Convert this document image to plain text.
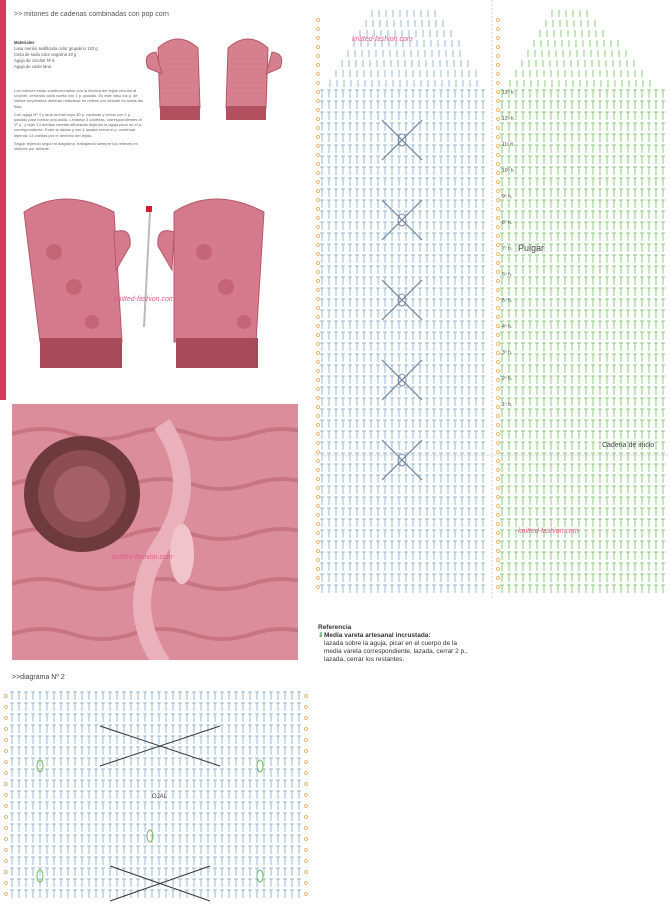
>> mitones de cadenas combinadas con pop corn
Materiales
Lana merino sedificada color grupolino 120 g
Cinta de seda color angolina 40 g
Aguja de crochet Nº 8
Aguja de coser lana

Los mitones estan confeccionados con la técnica del tejido circular al crochet, cerrando cada vuelta con 1 p. pasado. Es este caso los p. de relieve empleados deberán realizarse en relieve por delante en todas las filas.

Con aguja Nº 4 y lana mohair tejer 30 p. cadenas y cerrar con 1 p. pasado para formar una anilla. Levantar 3 cadenas, correspondientes al 1º p., y tejer 14 medias varetas afirmadas dejando la aguja picar en el p. correspondiente. Entre la dadas y con 1 lazada cerrar el p. continuar tejiendo 14 vueltas por el derecho del tejido.

Seguir tejiendo según el diagrama, trabajando siempre los relieves en relieves por delante.

knitted-fashion.com
knitted-fashion.com
Pulgar
Cadena de inicio
knitted-fashion.com
knitted-fashion.com
13º h.
12º h.
11º h.
10º h.
9º h.
8º h.
7º h.
6º h.
5º h.
4º h.
3º h.
2º h.
1º h.
Referencia
⇓Media vareta artesanal incrustada:
lazada sobre la aguja, picar en el cuerpo de la media vareta correspondiente, lazada, cerrar 2 p., lazada, cerrar los restantes.
>>diagrama Nº 2
OJAL
